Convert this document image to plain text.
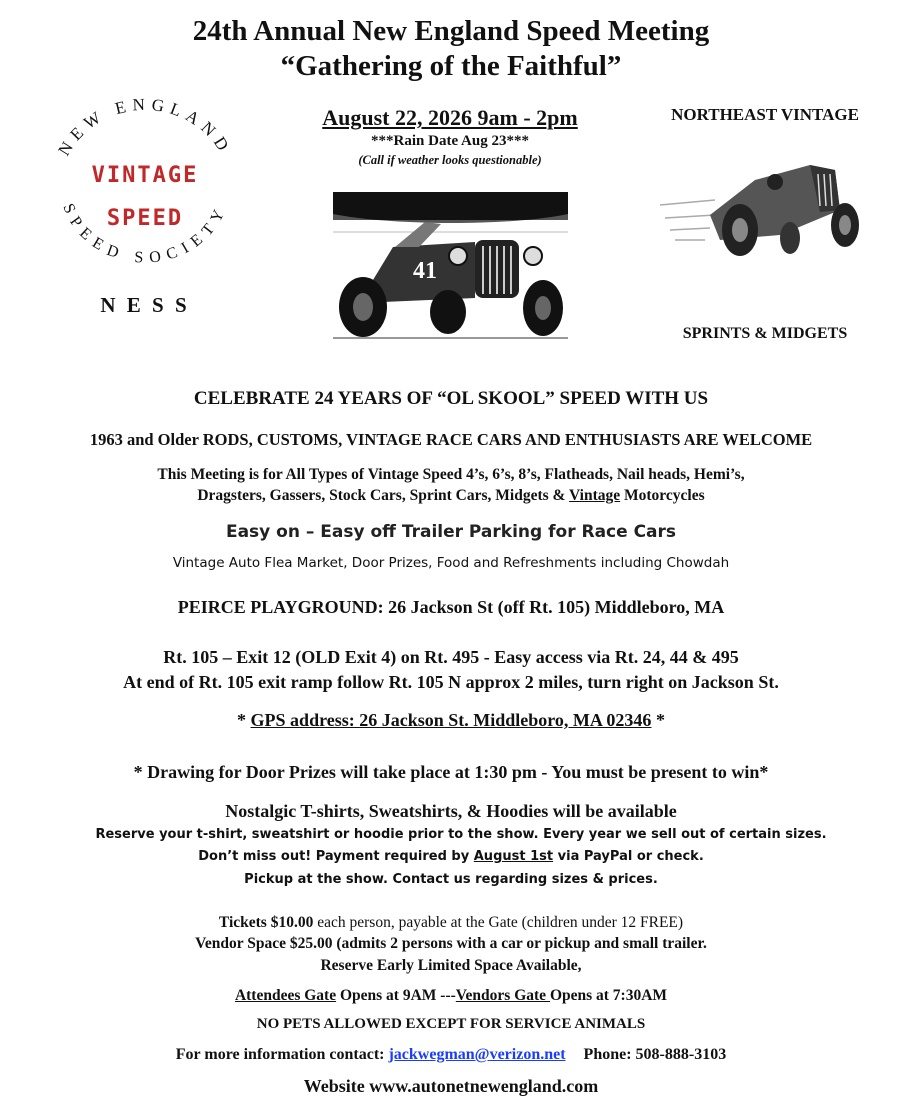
24th Annual New England Speed Meeting
“Gathering of the Faithful”
NEW ENGLAND
SPEED SOCIETY
VINTAGE
SPEED
N E S S
August 22, 2026 9am - 2pm
***Rain Date Aug 23***
(Call if weather looks questionable)
41
NORTHEAST VINTAGE
SPRINTS & MIDGETS
CELEBRATE 24 YEARS OF “OL SKOOL” SPEED WITH US
1963 and Older RODS, CUSTOMS, VINTAGE RACE CARS AND ENTHUSIASTS ARE WELCOME
This Meeting is for All Types of Vintage Speed 4’s, 6’s, 8’s, Flatheads, Nail heads, Hemi’s,
Dragsters, Gassers, Stock Cars, Sprint Cars, Midgets & Vintage Motorcycles
Easy on – Easy off Trailer Parking for Race Cars
Vintage Auto Flea Market, Door Prizes, Food and Refreshments including Chowdah
PEIRCE PLAYGROUND: 26 Jackson St (off Rt. 105) Middleboro, MA
Rt. 105 – Exit 12 (OLD Exit 4) on Rt. 495 - Easy access via Rt. 24, 44 & 495
At end of Rt. 105 exit ramp follow Rt. 105 N approx 2 miles, turn right on Jackson St.
* GPS address: 26 Jackson St. Middleboro, MA 02346 *
* Drawing for Door Prizes will take place at 1:30 pm - You must be present to win*
Nostalgic T-shirts, Sweatshirts, & Hoodies will be available
Reserve your t-shirt, sweatshirt or hoodie prior to the show. Every year we sell out of certain sizes.
Don’t miss out! Payment required by August 1st via PayPal or check.
Pickup at the show. Contact us regarding sizes & prices.
Tickets $10.00 each person, payable at the Gate (children under 12 FREE)
Vendor Space $25.00 (admits 2 persons with a car or pickup and small trailer.
Reserve Early Limited Space Available,
Attendees Gate Opens at 9AM ---Vendors Gate Opens at 7:30AM
NO PETS ALLOWED EXCEPT FOR SERVICE ANIMALS
For more information contact: jackwegman@verizon.net Phone: 508-888-3103
Website www.autonetnewengland.com
